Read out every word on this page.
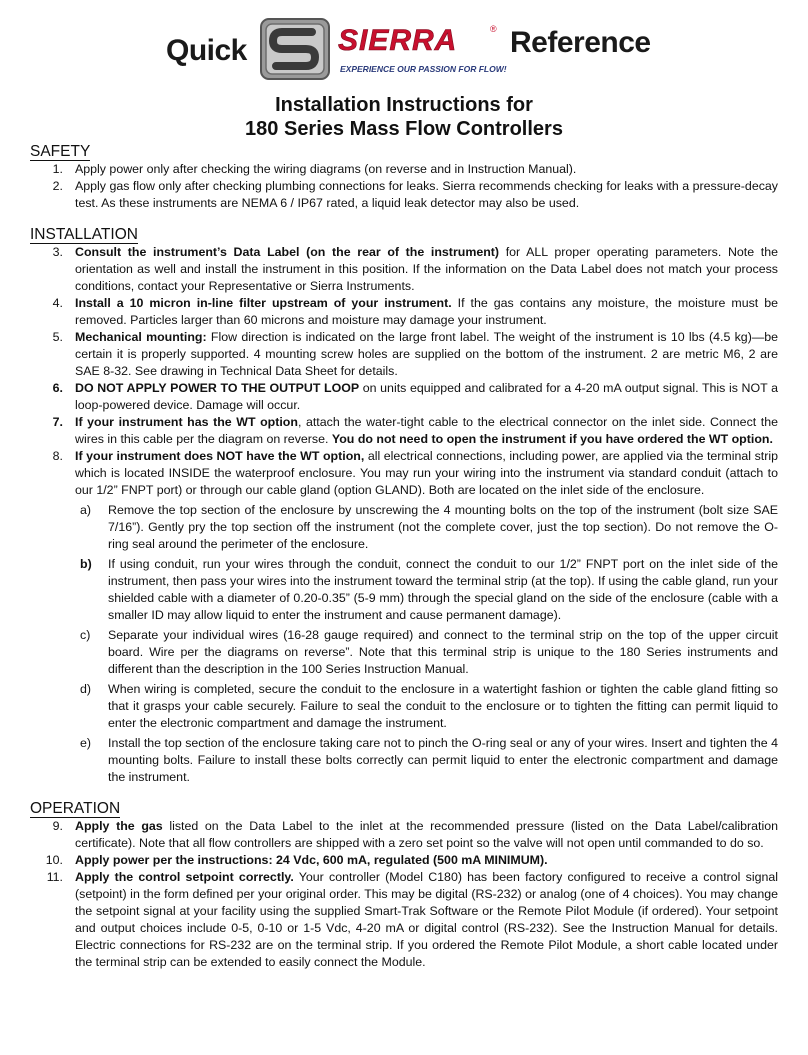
Quick	SIERRA	®
EXPERIENCE OUR PASSION FOR FLOW!
Reference
Installation Instructions for
180 Series Mass Flow Controllers
SAFETY

1. Apply power only after checking the wiring diagrams (on reverse and in Instruction Manual).

2. Apply gas flow only after checking plumbing connections for leaks. Sierra recommends checking for leaks with a pressure-decay test. As these instruments are NEMA 6 / IP67 rated, a liquid leak detector may also be used.

INSTALLATION

3. Consult the instrument’s Data Label (on the rear of the instrument) for ALL proper operating parameters. Note the orientation as well and install the instrument in this position. If the information on the Data Label does not match your process conditions, contact your Representative or Sierra Instruments.

4. Install a 10 micron in-line filter upstream of your instrument. If the gas contains any moisture, the moisture must be removed. Particles larger than 60 microns and moisture may damage your instrument.

5. Mechanical mounting: Flow direction is indicated on the large front label. The weight of the instrument is 10 lbs (4.5 kg)—be certain it is properly supported. 4 mounting screw holes are supplied on the bottom of the instrument. 2 are metric M6, 2 are SAE 8-32. See drawing in Technical Data Sheet for details.

6. DO NOT APPLY POWER TO THE OUTPUT LOOP on units equipped and calibrated for a 4-20 mA output signal. This is NOT a loop-powered device. Damage will occur.

7. If your instrument has the WT option, attach the water-tight cable to the electrical connector on the inlet side. Connect the wires in this cable per the diagram on reverse. You do not need to open the instrument if you have ordered the WT option.

8. If your instrument does NOT have the WT option, all electrical connections, including power, are applied via the terminal strip which is located INSIDE the waterproof enclosure. You may run your wiring into the instrument via standard conduit (attach to our 1/2” FNPT port) or through our cable gland (option GLAND). Both are located on the inlet side of the enclosure.

a) Remove the top section of the enclosure by unscrewing the 4 mounting bolts on the top of the instrument (bolt size SAE 7/16”). Gently pry the top section off the instrument (not the complete cover, just the top section). Do not remove the O-ring seal around the perimeter of the enclosure.

b) If using conduit, run your wires through the conduit, connect the conduit to our 1/2” FNPT port on the inlet side of the instrument, then pass your wires into the instrument toward the terminal strip (at the top). If using the cable gland, run your shielded cable with a diameter of 0.20-0.35” (5-9 mm) through the special gland on the side of the enclosure (cable with a smaller ID may allow liquid to enter the instrument and cause permanent damage).

c) Separate your individual wires (16-28 gauge required) and connect to the terminal strip on the top of the upper circuit board. Wire per the diagrams on reverse”. Note that this terminal strip is unique to the 180 Series instruments and different than the description in the 100 Series Instruction Manual.

d) When wiring is completed, secure the conduit to the enclosure in a watertight fashion or tighten the cable gland fitting so that it grasps your cable securely. Failure to seal the conduit to the enclosure or to tighten the fitting can permit liquid to enter the electronic compartment and damage the instrument.

e) Install the top section of the enclosure taking care not to pinch the O-ring seal or any of your wires. Insert and tighten the 4 mounting bolts. Failure to install these bolts correctly can permit liquid to enter the electronic compartment and damage the instrument.

OPERATION

9. Apply the gas listed on the Data Label to the inlet at the recommended pressure (listed on the Data Label/calibration certificate). Note that all flow controllers are shipped with a zero set point so the valve will not open until commanded to do so.

10. Apply power per the instructions: 24 Vdc, 600 mA, regulated (500 mA MINIMUM).

11. Apply the control setpoint correctly. Your controller (Model C180) has been factory configured to receive a control signal (setpoint) in the form defined per your original order. This may be digital (RS-232) or analog (one of 4 choices). You may change the setpoint signal at your facility using the supplied Smart-Trak Software or the Remote Pilot Module (if ordered). Your setpoint and output choices include 0-5, 0-10 or 1-5 Vdc, 4-20 mA or digital control (RS-232). See the Instruction Manual for details. Electric connections for RS-232 are on the terminal strip. If you ordered the Remote Pilot Module, a short cable located under the terminal strip can be extended to easily connect the Module.
